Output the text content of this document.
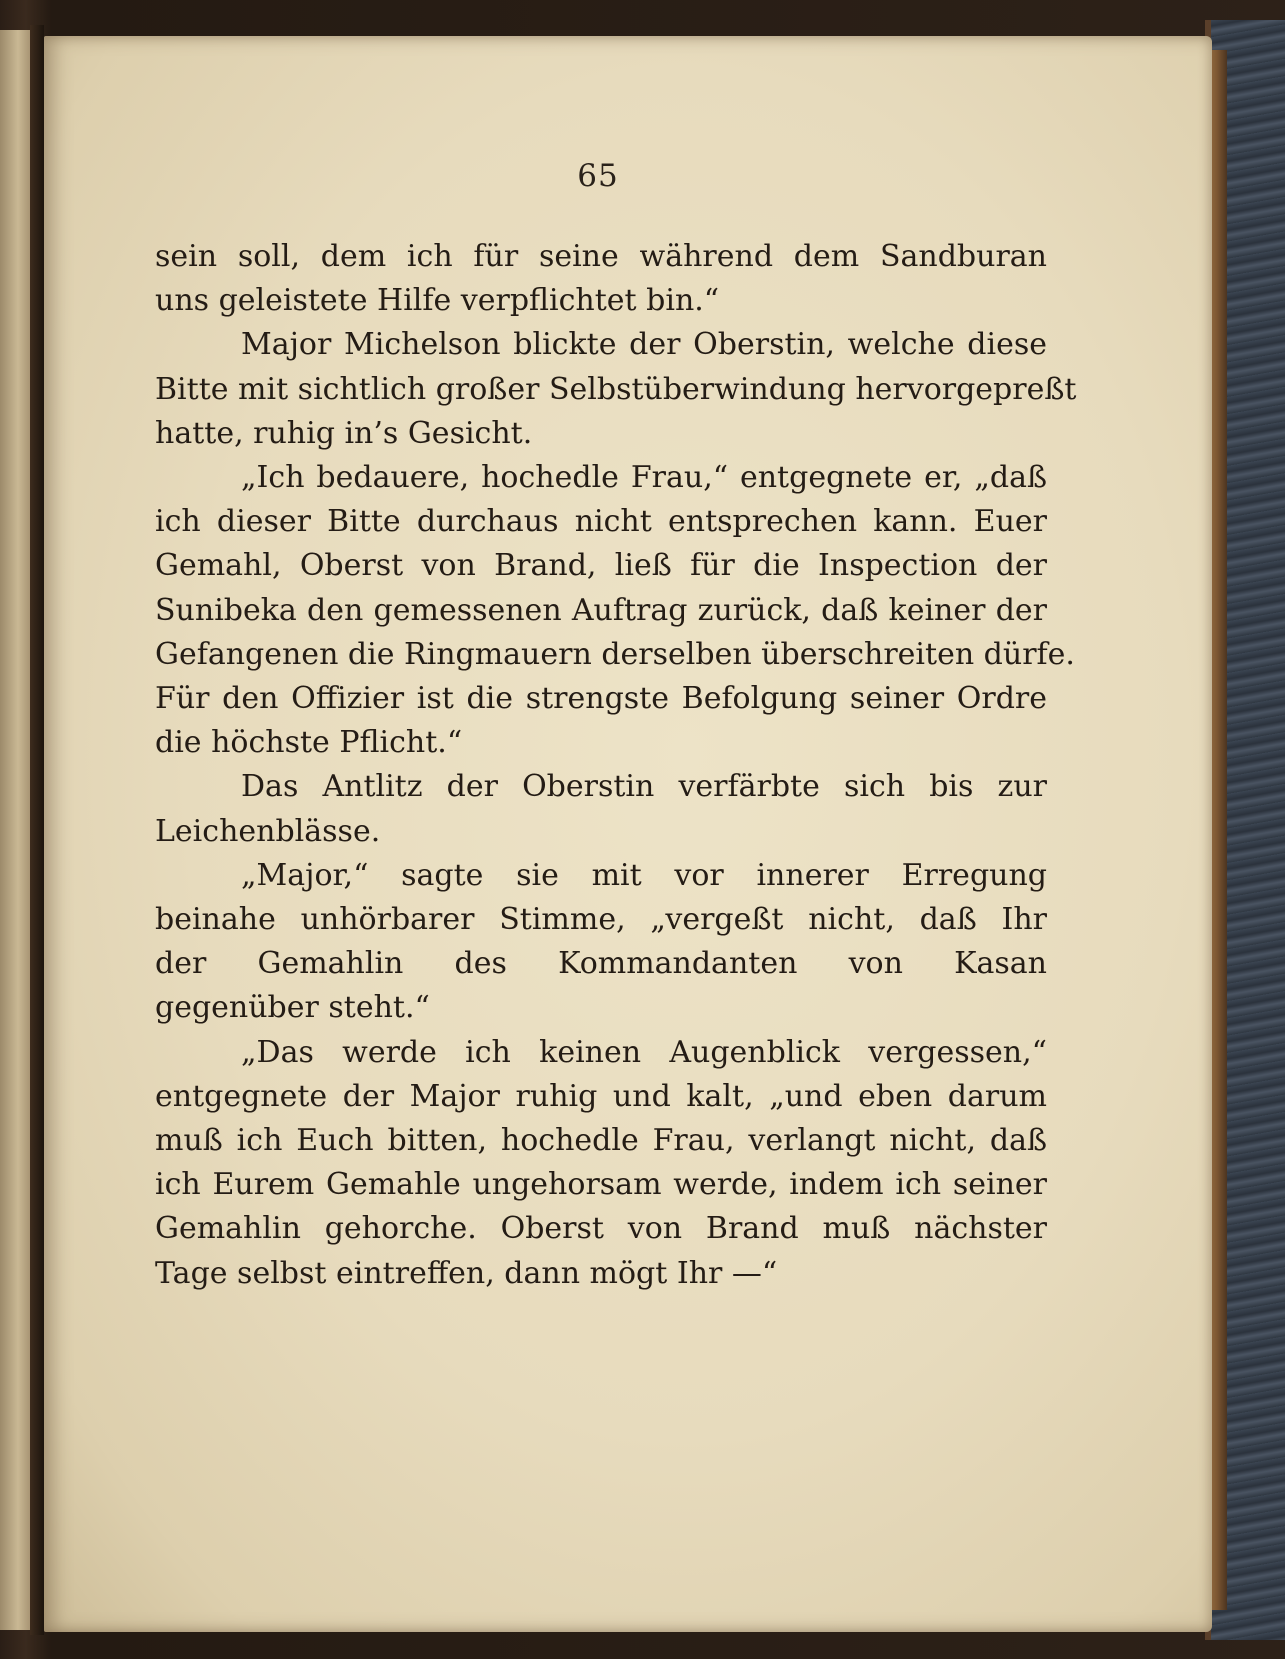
65
sein soll, dem ich für seine während dem Sandburan
uns geleistete Hilfe verpflichtet bin.“
Major Michelson blickte der Oberstin, welche diese
Bitte mit sichtlich großer Selbstüberwindung hervorgepreßt
hatte, ruhig in’s Gesicht.
„Ich bedauere, hochedle Frau,“ entgegnete er, „daß
ich dieser Bitte durchaus nicht entsprechen kann. Euer
Gemahl, Oberst von Brand, ließ für die Inspection der
Sunibeka den gemessenen Auftrag zurück, daß keiner der
Gefangenen die Ringmauern derselben überschreiten dürfe.
Für den Offizier ist die strengste Befolgung seiner Ordre
die höchste Pflicht.“
Das Antlitz der Oberstin verfärbte sich bis zur
Leichenblässe.
„Major,“ sagte sie mit vor innerer Erregung
beinahe unhörbarer Stimme, „vergeßt nicht, daß Ihr
der Gemahlin des Kommandanten von Kasan
gegenüber steht.“
„Das werde ich keinen Augenblick vergessen,“
entgegnete der Major ruhig und kalt, „und eben darum
muß ich Euch bitten, hochedle Frau, verlangt nicht, daß
ich Eurem Gemahle ungehorsam werde, indem ich seiner
Gemahlin gehorche. Oberst von Brand muß nächster
Tage selbst eintreffen, dann mögt Ihr —“
